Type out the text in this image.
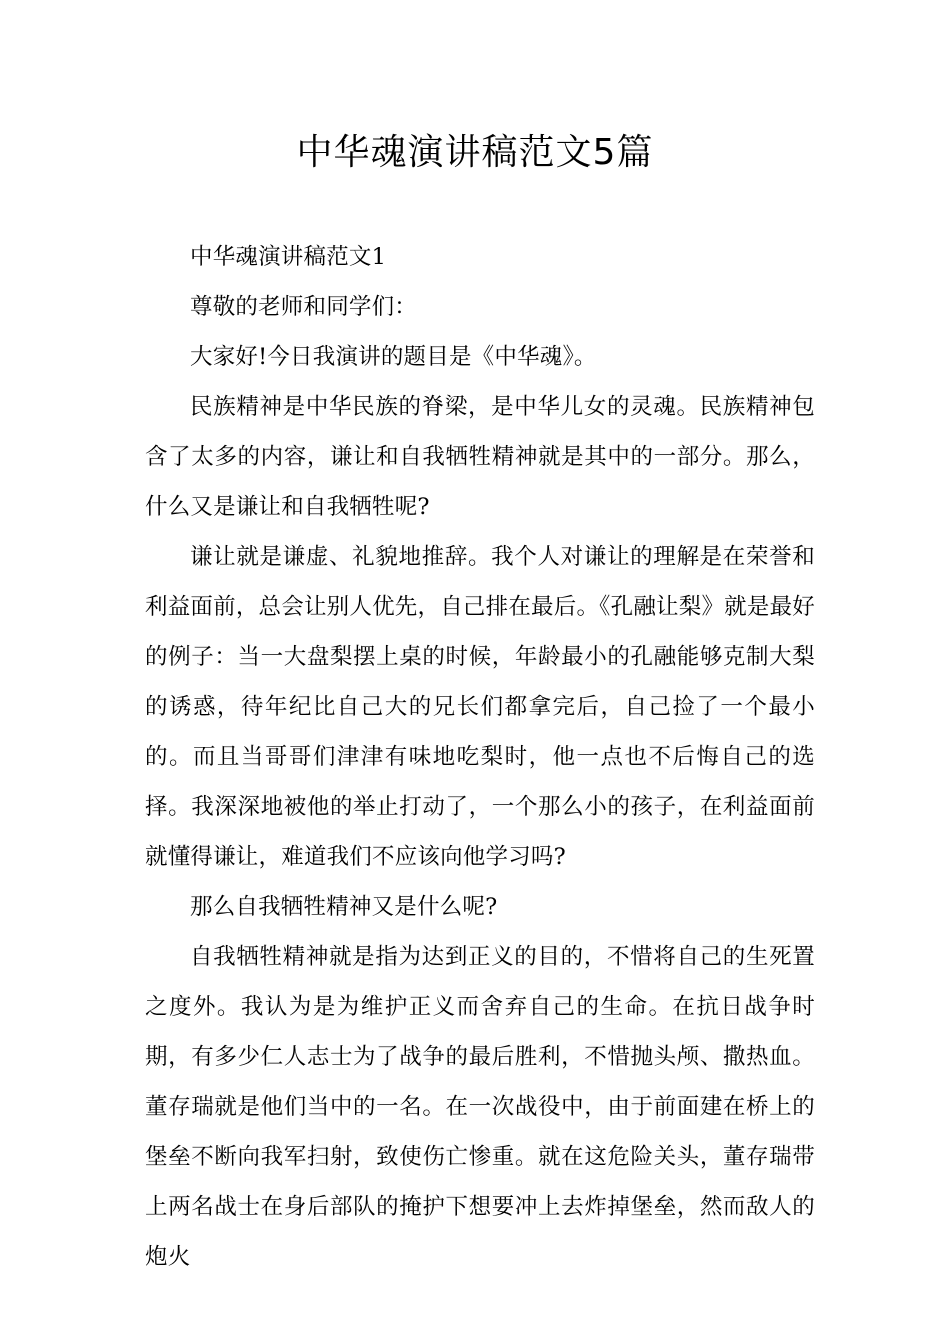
中华魂演讲稿范文5篇

中华魂演讲稿范文1

尊敬的老师和同学们：

大家好!今日我演讲的题目是《中华魂》。

民族精神是中华民族的脊梁，是中华儿女的灵魂。民族精神包含了太多的内容，谦让和自我牺牲精神就是其中的一部分。那么，什么又是谦让和自我牺牲呢?

谦让就是谦虚、礼貌地推辞。我个人对谦让的理解是在荣誉和利益面前，总会让别人优先，自己排在最后。《孔融让梨》就是最好的例子：当一大盘梨摆上桌的时候，年龄最小的孔融能够克制大梨的诱惑，待年纪比自己大的兄长们都拿完后，自己捡了一个最小的。而且当哥哥们津津有味地吃梨时，他一点也不后悔自己的选择。我深深地被他的举止打动了，一个那么小的孩子，在利益面前就懂得谦让，难道我们不应该向他学习吗?

那么自我牺牲精神又是什么呢?

自我牺牲精神就是指为达到正义的目的，不惜将自己的生死置之度外。我认为是为维护正义而舍弃自己的生命。在抗日战争时期，有多少仁人志士为了战争的最后胜利，不惜抛头颅、撒热血。董存瑞就是他们当中的一名。在一次战役中，由于前面建在桥上的堡垒不断向我军扫射，致使伤亡惨重。就在这危险关头，董存瑞带上两名战士在身后部队的掩护下想要冲上去炸掉堡垒，然而敌人的炮火
